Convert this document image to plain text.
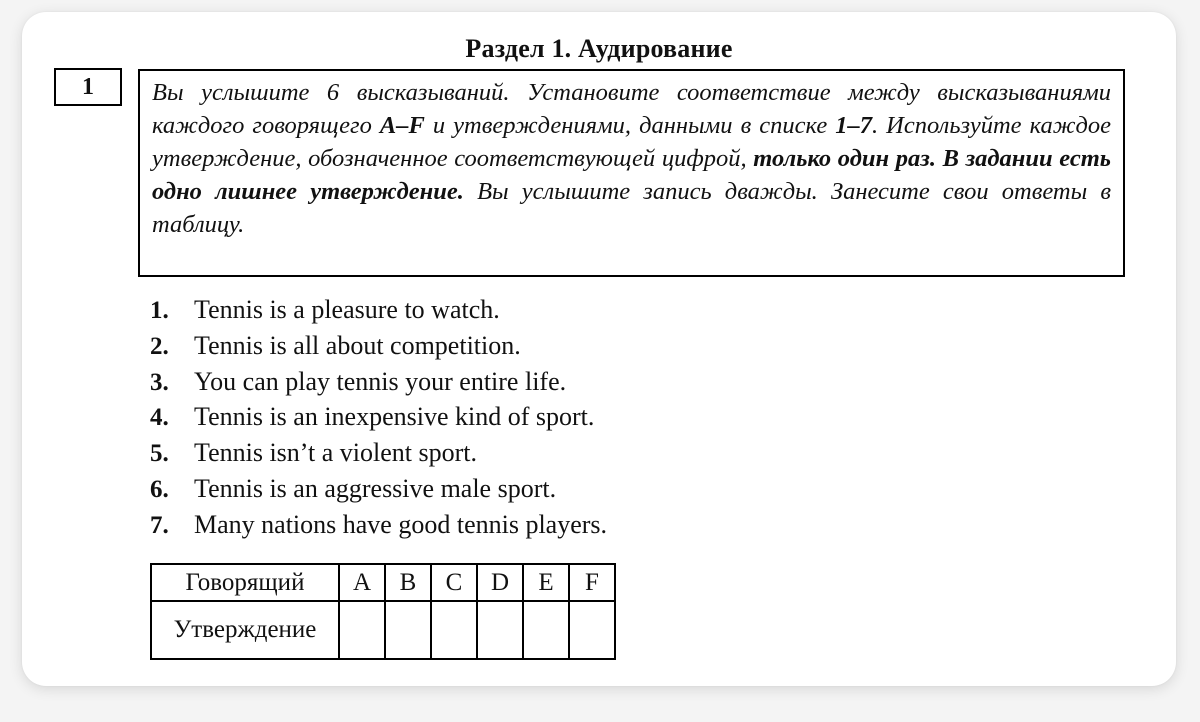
Раздел 1. Аудирование
1	Вы услышите 6 высказываний. Установите соответствие между высказываниями каждого говорящего A–F и утверждениями, данными в списке 1–7. Используйте каждое утверждение, обозначенное соответствующей цифрой, только один раз. В задании есть одно лишнее утверждение. Вы услышите запись дважды. Занесите свои ответы в таблицу.
1. Tennis is a pleasure to watch.
2. Tennis is all about competition.
3. You can play tennis your entire life.
4. Tennis is an inexpensive kind of sport.
5. Tennis isn’t a violent sport.
6. Tennis is an aggressive male sport.
7. Many nations have good tennis players.
Говорящий	A	B	C	D	E	F
Утверждение						
